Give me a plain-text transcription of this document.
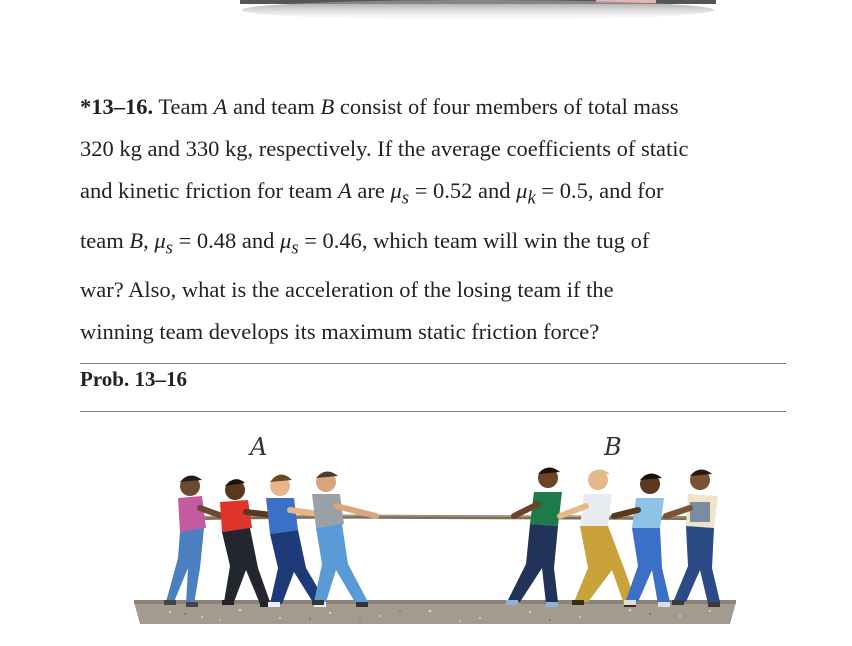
*13–16. Team A and team B consist of four members of total mass
320 kg and 330 kg, respectively. If the average coefficients of static
and kinetic friction for team A are $\mu_s = 0.52$ and $\mu_k = 0.5$, and for
team B, $\mu_s = 0.48$ and $\mu_s = 0.46$, which team will win the tug of
war? Also, what is the acceleration of the losing team if the
winning team develops its maximum static friction force?
Prob. 13–16
A	B
